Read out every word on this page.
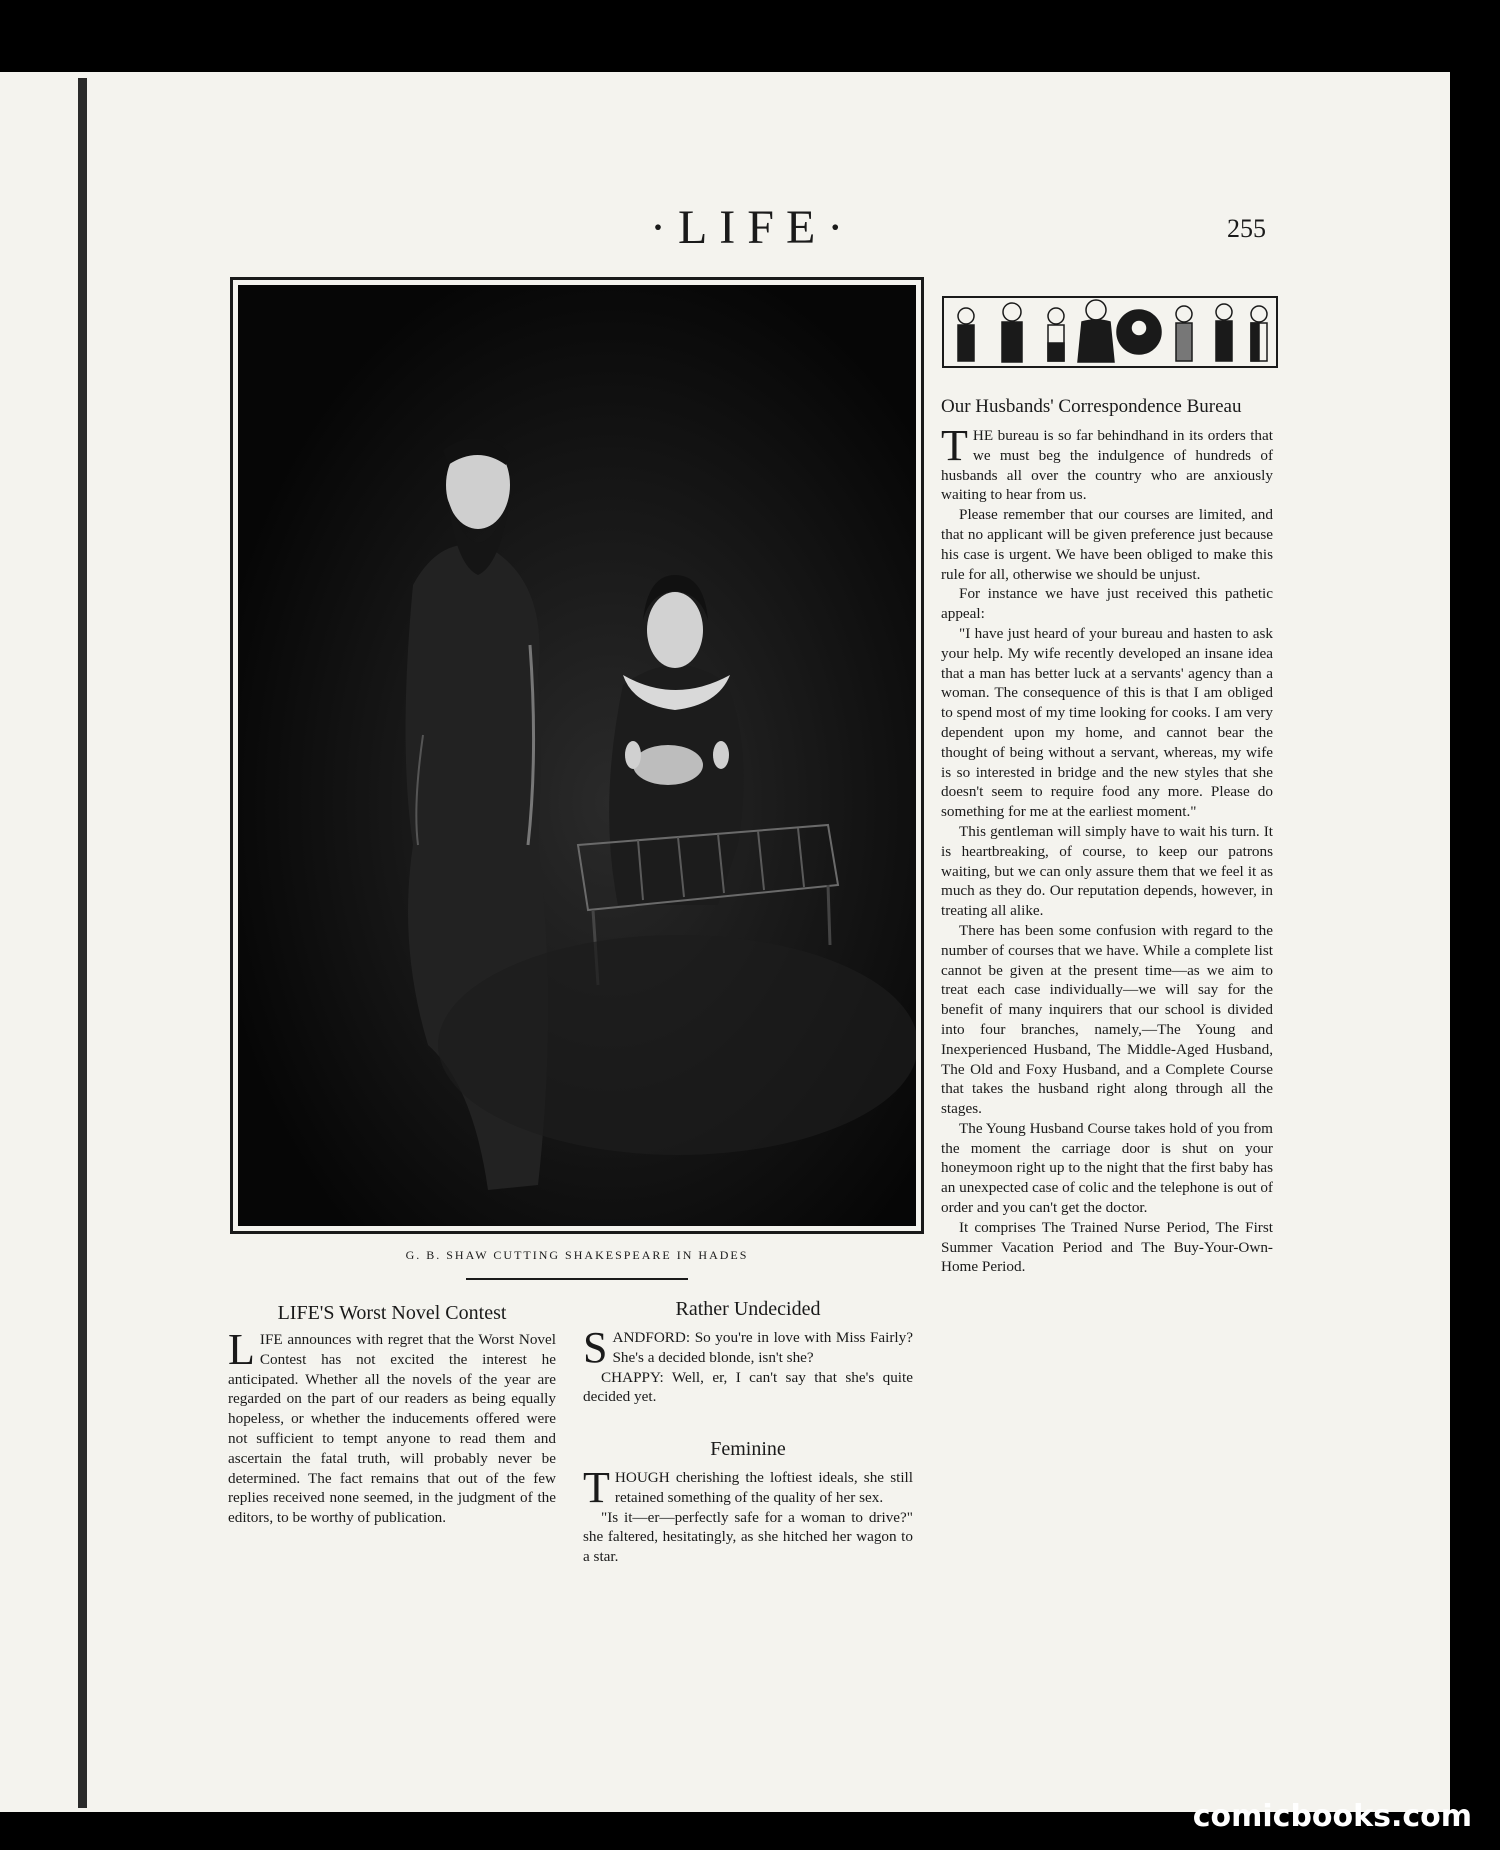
·LIFE·	255
G. B. SHAW CUTTING SHAKESPEARE IN HADES
LIFE'S Worst Novel Contest

LIFE announces with regret that the Worst Novel Contest has not excited the interest he anticipated. Whether all the novels of the year are regarded on the part of our readers as being equally hopeless, or whether the inducements offered were not sufficient to tempt anyone to read them and ascertain the fatal truth, will probably never be determined. The fact remains that out of the few replies received none seemed, in the judgment of the editors, to be worthy of publication.

Rather Undecided

SANDFORD: So you're in love with Miss Fairly? She's a decided blonde, isn't she?

CHAPPY: Well, er, I can't say that she's quite decided yet.

Feminine

THOUGH cherishing the loftiest ideals, she still retained something of the quality of her sex.

"Is it—er—perfectly safe for a woman to drive?" she faltered, hesitatingly, as she hitched her wagon to a star.

Our Husbands' Correspondence Bureau

THE bureau is so far behindhand in its orders that we must beg the indulgence of hundreds of husbands all over the country who are anxiously waiting to hear from us.

Please remember that our courses are limited, and that no applicant will be given preference just because his case is urgent. We have been obliged to make this rule for all, otherwise we should be unjust.

For instance we have just received this pathetic appeal:

"I have just heard of your bureau and hasten to ask your help. My wife recently developed an insane idea that a man has better luck at a servants' agency than a woman. The consequence of this is that I am obliged to spend most of my time looking for cooks. I am very dependent upon my home, and cannot bear the thought of being without a servant, whereas, my wife is so interested in bridge and the new styles that she doesn't seem to require food any more. Please do something for me at the earliest moment."

This gentleman will simply have to wait his turn. It is heartbreaking, of course, to keep our patrons waiting, but we can only assure them that we feel it as much as they do. Our reputation depends, however, in treating all alike.

There has been some confusion with regard to the number of courses that we have. While a complete list cannot be given at the present time—as we aim to treat each case individually—we will say for the benefit of many inquirers that our school is divided into four branches, namely,—The Young and Inexperienced Husband, The Middle-Aged Husband, The Old and Foxy Husband, and a Complete Course that takes the husband right along through all the stages.

The Young Husband Course takes hold of you from the moment the carriage door is shut on your honeymoon right up to the night that the first baby has an unexpected case of colic and the telephone is out of order and you can't get the doctor.

It comprises The Trained Nurse Period, The First Summer Vacation Period and The Buy-Your-Own-Home Period.

comicbooks.com
